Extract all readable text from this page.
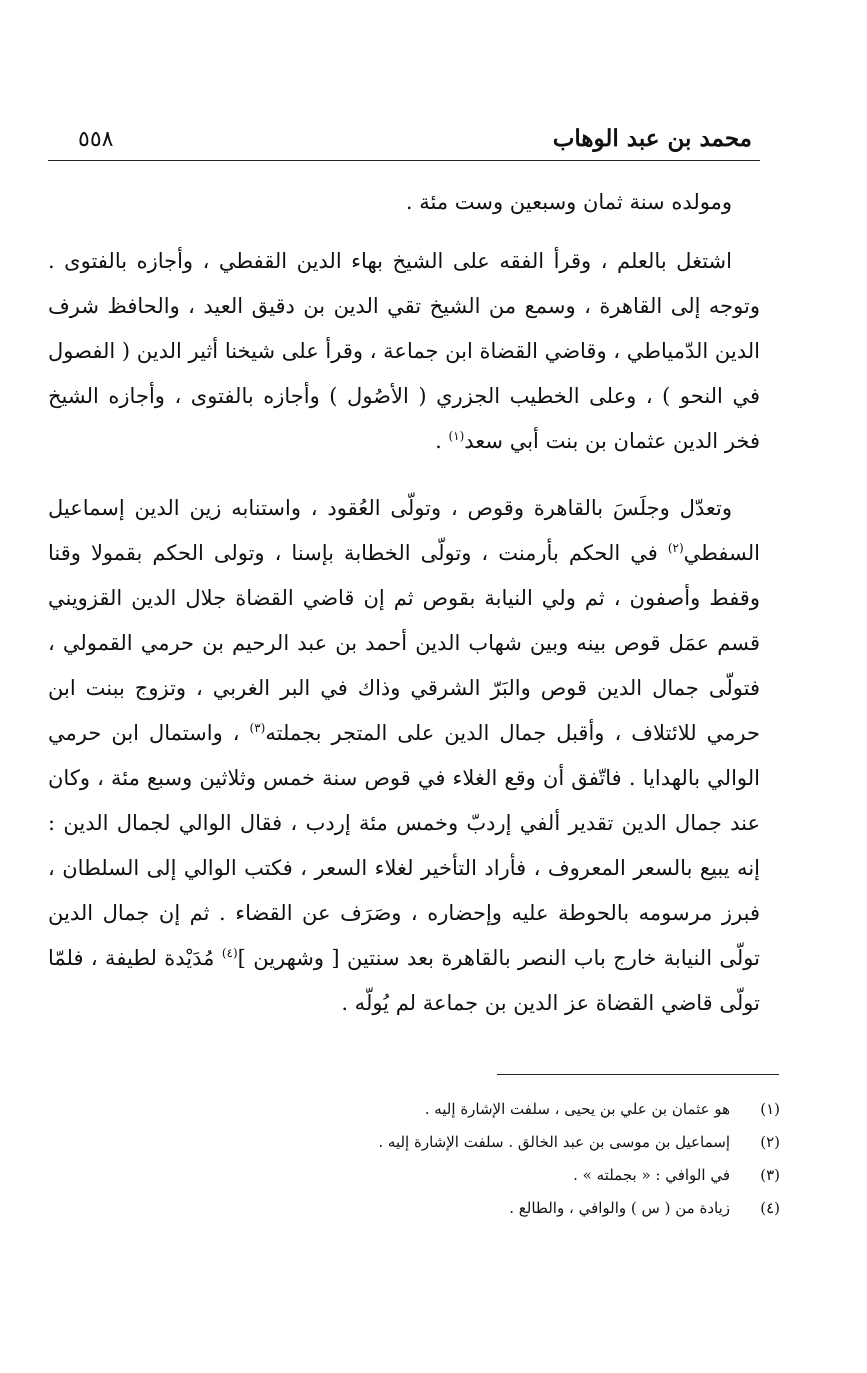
محمد بن عبد الوهاب
٥٥٨

ومولده سنة ثمان وسبعين وست مئة .

اشتغل بالعلم ، وقرأ الفقه على الشيخ بهاء الدين القفطي ، وأجازه بالفتوى . وتوجه إلى القاهرة ، وسمع من الشيخ تقي الدين بن دقيق العيد ، والحافظ شرف الدين الدّمياطي ، وقاضي القضاة ابن جماعة ، وقرأ على شيخنا أثير الدين ( الفصول في النحو ) ، وعلى الخطيب الجزري ( الأصُول ) وأجازه بالفتوى ، وأجازه الشيخ فخر الدين عثمان بن بنت أبي سعد$^{(١)}$ .

وتعدّل وجلَسَ بالقاهرة وقوص ، وتولّى العُقود ، واستنابه زين الدين إسماعيل السفطي$^{(٢)}$ في الحكم بأرمنت ، وتولّى الخطابة بإسنا ، وتولى الحكم بقمولا وقنا وقفط وأصفون ، ثم ولي النيابة بقوص ثم إن قاضي القضاة جلال الدين القزويني قسم عمَل قوص بينه وبين شهاب الدين أحمد بن عبد الرحيم بن حرمي القمولي ، فتولّى جمال الدين قوص والبَرّ الشرقي وذاك في البر الغربي ، وتزوج ببنت ابن حرمي للائتلاف ، وأقبل جمال الدين على المتجر بجملته$^{(٣)}$ ، واستمال ابن حرمي الوالي بالهدايا . فاتّفق أن وقع الغلاء في قوص سنة خمس وثلاثين وسبع مئة ، وكان عند جمال الدين تقدير ألفي إردبّ وخمس مئة إردب ، فقال الوالي لجمال الدين : إنه يبيع بالسعر المعروف ، فأراد التأخير لغلاء السعر ، فكتب الوالي إلى السلطان ، فبرز مرسومه بالحوطة عليه وإحضاره ، وصَرَف عن القضاء . ثم إن جمال الدين تولّى النيابة خارج باب النصر بالقاهرة بعد سنتين [ وشهرين ]$^{(٤)}$ مُدَيْدة لطيفة ، فلمّا تولّى قاضي القضاة عز الدين بن جماعة لم يُولّه .

(١)
هو عثمان بن علي بن يحيى ، سلفت الإشارة إليه .
(٢)
إسماعيل بن موسى بن عبد الخالق . سلفت الإشارة إليه .
(٣)
في الوافي : « بجملته » .
(٤)
زيادة من ( س ) والوافي ، والطالع .
